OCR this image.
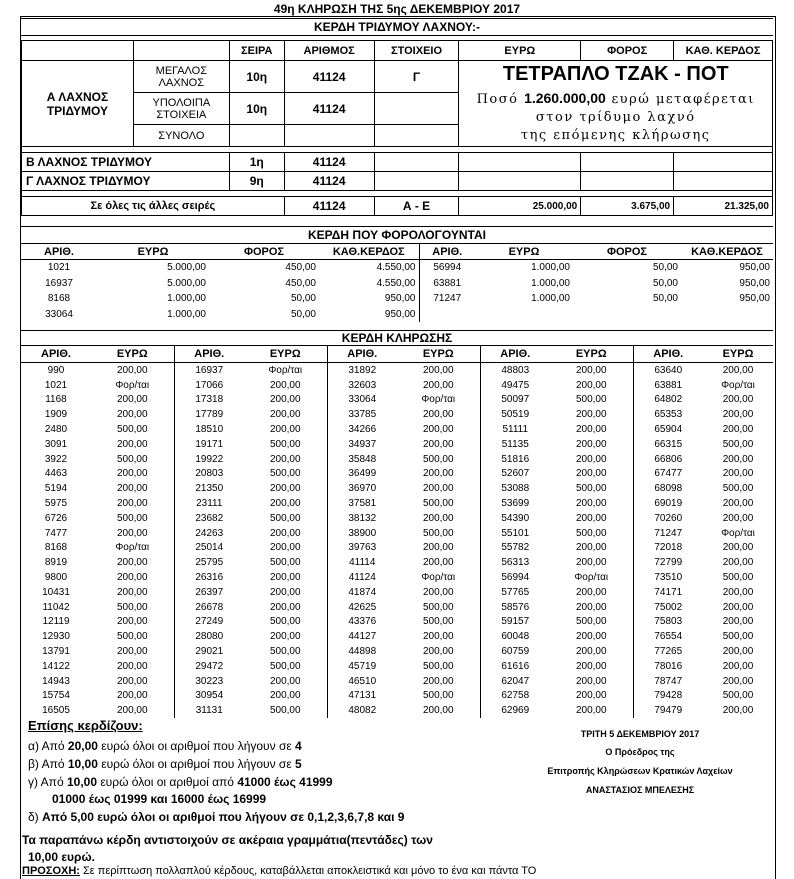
49η ΚΛΗΡΩΣΗ ΤΗΣ 5ης ΔΕΚΕΜΒΡΙΟΥ 2017
ΚΕΡΔΗ ΤΡΙΔΥΜΟΥ ΛΑΧΝΟΥ:-
		ΣΕΙΡΑ	ΑΡΙΘΜΟΣ	ΣΤΟΙΧΕΙΟ	ΕΥΡΩ	ΦΟΡΟΣ	ΚΑΘ. ΚΕΡΔΟΣ
Α ΛΑΧΝΟΣ ΤΡΙΔΥΜΟΥ	ΜΕΓΑΛΟΣ ΛΑΧΝΟΣ	10η	41124	Γ	ΤΕΤΡΑΠΛΟ ΤΖΑΚ - ΠΟΤ
Ποσό 1.260.000,00 ευρώ μεταφέρεται
στον τρίδυμο λαχνό
της επόμενης κλήρωσης		

	ΥΠΟΛΟΙΠΑ ΣΤΟΙΧΕΙΑ	10η	41124				
	ΣΥΝΟΛΟ						

Β ΛΑΧΝΟΣ ΤΡΙΔΥΜΟΥ		1η	41124				
Γ ΛΑΧΝΟΣ ΤΡΙΔΥΜΟΥ		9η	41124				

Σε όλες τις άλλες σειρές			41124	Α - Ε	25.000,00	3.675,00	21.325,00
ΚΕΡΔΗ ΠΟΥ ΦΟΡΟΛΟΓΟΥΝΤΑΙ
ΑΡΙΘ.	ΕΥΡΩ	ΦΟΡΟΣ	ΚΑΘ.ΚΕΡΔΟΣ	ΑΡΙΘ.	ΕΥΡΩ	ΦΟΡΟΣ	ΚΑΘ.ΚΕΡΔΟΣ
1021	5.000,00	450,00	4.550,00	56994	1.000,00	50,00	950,00
16937	5.000,00	450,00	4.550,00	63881	1.000,00	50,00	950,00
8168	1.000,00	50,00	950,00	71247	1.000,00	50,00	950,00
33064	1.000,00	50,00	950,00				
ΚΕΡΔΗ ΚΛΗΡΩΣΗΣ
ΑΡΙΘ.	ΕΥΡΩ	ΑΡΙΘ.	ΕΥΡΩ	ΑΡΙΘ.	ΕΥΡΩ	ΑΡΙΘ.	ΕΥΡΩ	ΑΡΙΘ.	ΕΥΡΩ
990	200,00	16937	Φορ/ται	31892	200,00	48803	200,00	63640	200,00
1021	Φορ/ται	17066	200,00	32603	200,00	49475	200,00	63881	Φορ/ται
1168	200,00	17318	200,00	33064	Φορ/ται	50097	500,00	64802	200,00
1909	200,00	17789	200,00	33785	200,00	50519	200,00	65353	200,00
2480	500,00	18510	200,00	34266	200,00	51111	200,00	65904	200,00
3091	200,00	19171	500,00	34937	200,00	51135	200,00	66315	500,00
3922	500,00	19922	200,00	35848	500,00	51816	200,00	66806	200,00
4463	200,00	20803	500,00	36499	200,00	52607	200,00	67477	200,00
5194	200,00	21350	200,00	36970	200,00	53088	500,00	68098	500,00
5975	200,00	23111	200,00	37581	500,00	53699	200,00	69019	200,00
6726	500,00	23682	500,00	38132	200,00	54390	200,00	70260	200,00
7477	200,00	24263	200,00	38900	500,00	55101	500,00	71247	Φορ/ται
8168	Φορ/ται	25014	200,00	39763	200,00	55782	200,00	72018	200,00
8919	200,00	25795	500,00	41114	200,00	56313	200,00	72799	200,00
9800	200,00	26316	200,00	41124	Φορ/ται	56994	Φορ/ται	73510	500,00
10431	200,00	26397	200,00	41874	200,00	57765	200,00	74171	200,00
11042	500,00	26678	200,00	42625	500,00	58576	200,00	75002	200,00
12119	200,00	27249	500,00	43376	500,00	59157	500,00	75803	200,00
12930	500,00	28080	200,00	44127	200,00	60048	200,00	76554	500,00
13791	200,00	29021	500,00	44898	200,00	60759	200,00	77265	200,00
14122	200,00	29472	500,00	45719	500,00	61616	200,00	78016	200,00
14943	200,00	30223	200,00	46510	200,00	62047	200,00	78747	200,00
15754	200,00	30954	200,00	47131	500,00	62758	200,00	79428	500,00
16505	200,00	31131	500,00	48082	200,00	62969	200,00	79479	200,00
Επίσης κερδίζουν:
α) Από 20,00 ευρώ όλοι οι αριθμοί που λήγουν σε 4
β) Από 10,00 ευρώ όλοι οι αριθμοί που λήγουν σε 5
γ) Από 10,00 ευρώ όλοι οι αριθμοί από 41000 έως 41999
01000 έως 01999 και 16000 έως 16999
δ) Από 5,00 ευρώ όλοι οι αριθμοί που λήγουν σε 0,1,2,3,6,7,8 και 9
Τα παραπάνω κέρδη αντιστοιχούν σε ακέραια γραμμάτια(πεντάδες) των
10,00 ευρώ.
ΠΡΟΣΟΧΗ: Σε περίπτωση πολλαπλού κέρδους, καταβάλλεται αποκλειστικά και μόνο το ένα και πάντα ΤΟ
ΤΡΙΤΗ 5 ΔΕΚΕΜΒΡΙΟΥ 2017
Ο Πρόεδρος της
Επιτροπής Κληρώσεων Κρατικών Λαχείων
ΑΝΑΣΤΑΣΙΟΣ ΜΠΕΛΕΣΗΣ
